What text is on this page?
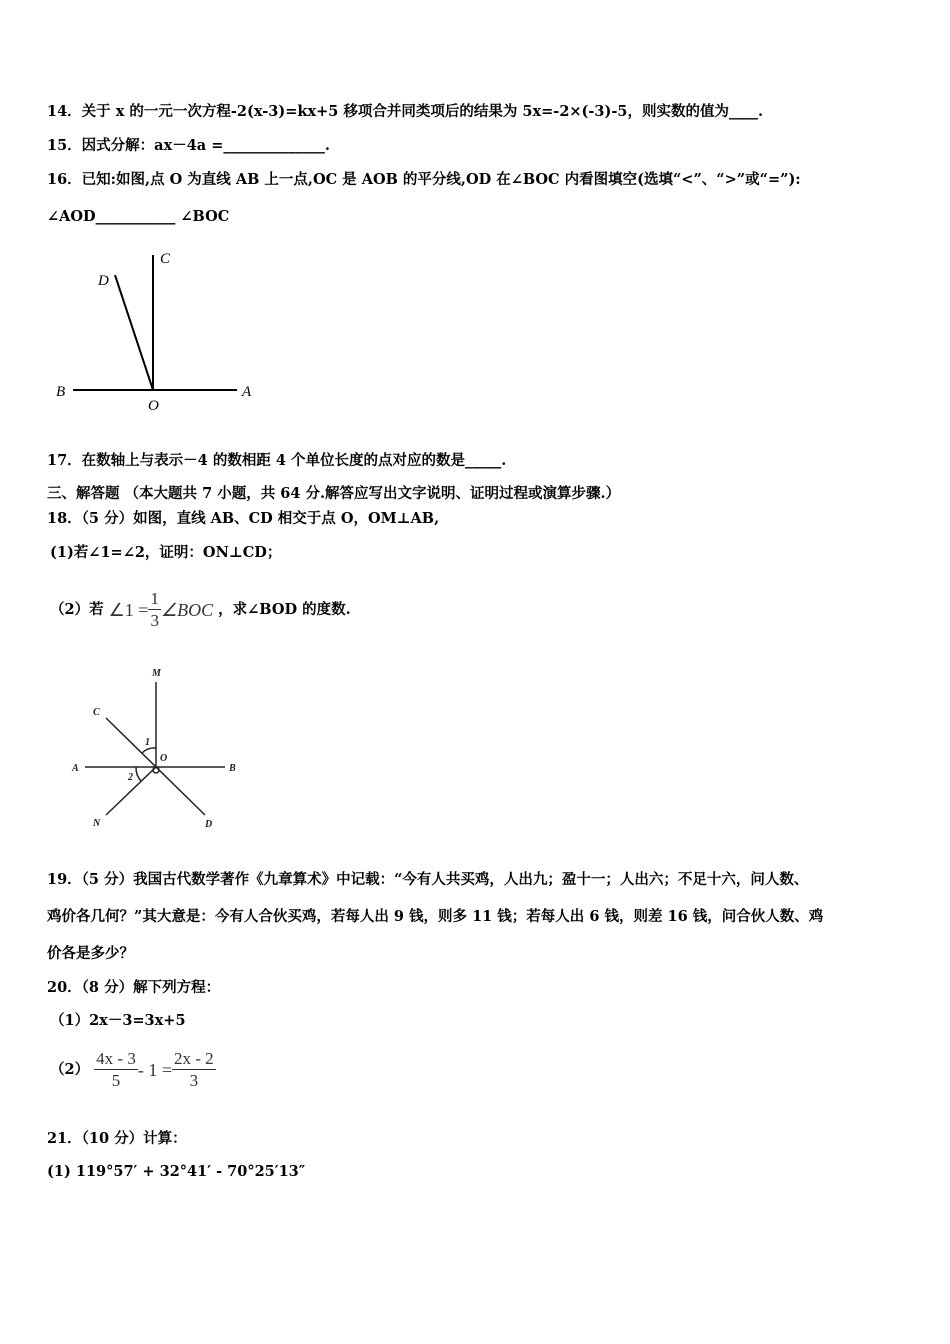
14．关于 x 的一元一次方程-2(x-3)=kx+5 移项合并同类项后的结果为 5x=-2×(-3)-5，则实数的值为____.
15．因式分解：ax－4a =______________.
16．已知:如图,点 O 为直线 AB 上一点,OC 是 AOB 的平分线,OD 在∠BOC 内看图填空(选填“<”、“>”或“=”):
∠AOD___________ ∠BOC
D
C
B
O
A
M
C
A	B
O
N	D
1
2
17．在数轴上与表示－4 的数相距 4 个单位长度的点对应的数是_____.
三、解答题 （本大题共 7 小题，共 64 分.解答应写出文字说明、证明过程或演算步骤.）
18．（5 分）如图，直线 AB、CD 相交于点 O，OM⊥AB,
(1)若∠1=∠2，证明：ON⊥CD；
（2）若 ∠1 = $\frac{1}{3}$ ∠BOC ，求∠BOD 的度数.
19．（5 分）我国古代数学著作《九章算术》中记载：“今有人共买鸡，人出九；盈十一；人出六；不足十六，问人数、
鸡价各几何？”其大意是：今有人合伙买鸡，若每人出 9 钱，则多 11 钱；若每人出 6 钱，则差 16 钱，问合伙人数、鸡
价各是多少？
20．（8 分）解下列方程：
（1）2x－3=3x+5
$(2) \frac{4x - 3}{5} - 1 = \frac{2x - 2}{3}$
21．（10 分）计算：
(1) 119°57′ + 32°41′ - 70°25′13″
